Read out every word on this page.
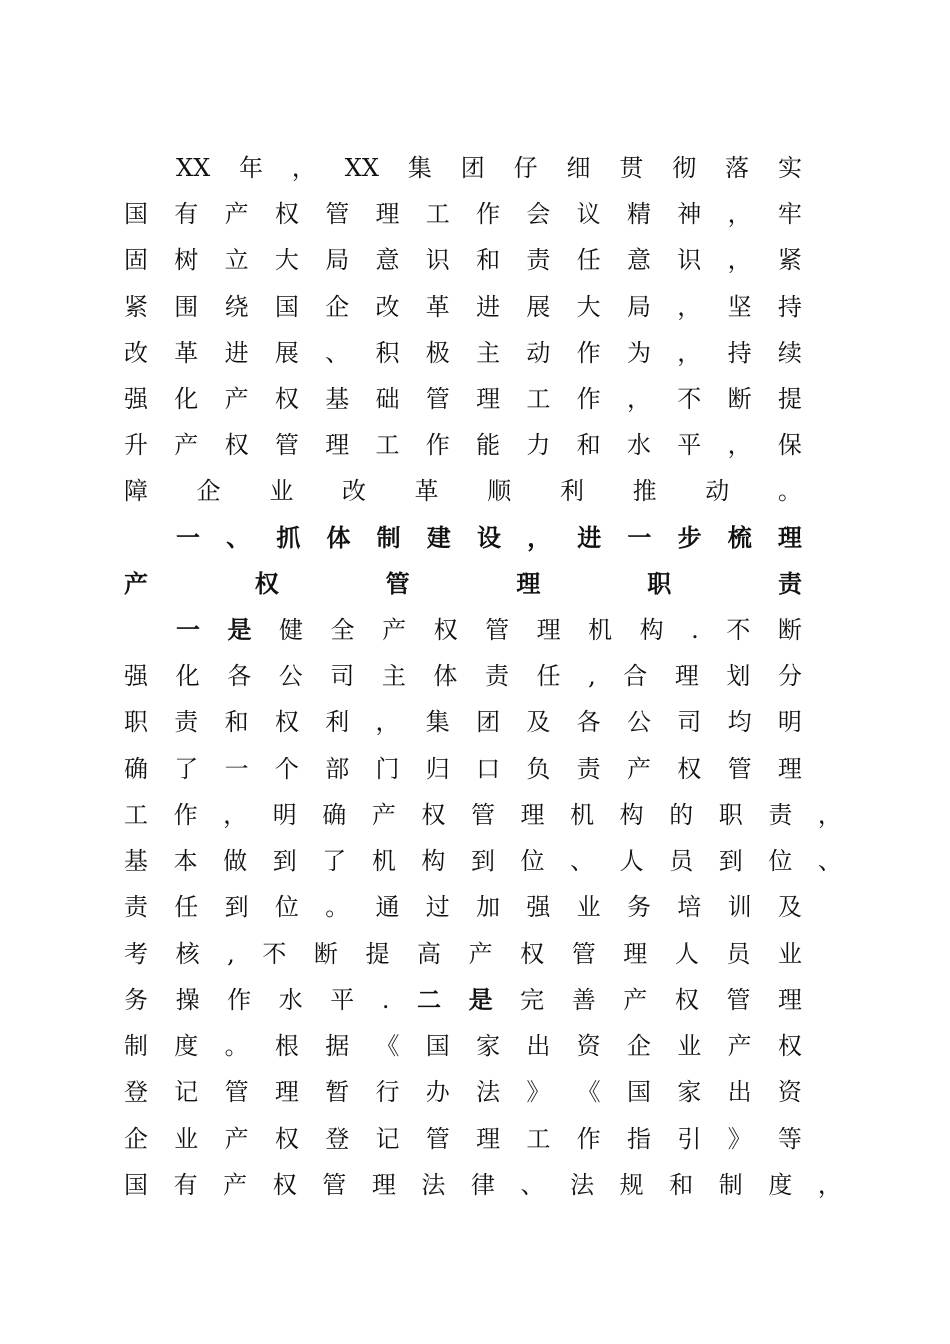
XX 年 ， XX 集 团 仔 细 贯 彻 落 实
国 有 产 权 管 理 工 作 会 议 精 神 ， 牢
固 树 立 大 局 意 识 和 责 任 意 识 ， 紧
紧 围 绕 国 企 改 革 进 展 大 局 ， 坚 持
改 革 进 展 、 积 极 主 动 作 为 ， 持 续
强 化 产 权 基 础 管 理 工 作 ， 不 断 提
升 产 权 管 理 工 作 能 力 和 水 平 ， 保
障 企 业 改 革 顺 利 推 动 。
一 、 抓 体 制 建 设 ， 进 一 步 梳 理
产	权	管	理	职	责
一 是 健 全 产 权 管 理 机 构 . 不 断
强 化 各 公 司 主 体 责 任 , 合 理 划 分
职 责 和 权 利 ， 集 团 及 各 公 司 均 明
确 了 一 个 部 门 归 口 负 责 产 权 管 理
工 作 ， 明 确 产 权 管 理 机 构 的 职 责 ，
基 本 做 到 了 机 构 到 位 、 人 员 到 位 、
责 任 到 位 。 通 过 加 强 业 务 培 训 及
考 核 , 不 断 提 高 产 权 管 理 人 员 业
务 操 作 水 平 . 二 是 完 善 产 权 管 理
制 度 。 根 据 《 国 家 出 资 企 业 产 权
登 记 管 理 暂 行 办 法 》 《 国 家 出 资
企 业 产 权 登 记 管 理 工 作 指 引 》 等
国 有 产 权 管 理 法 律 、 法 规 和 制 度 ，
